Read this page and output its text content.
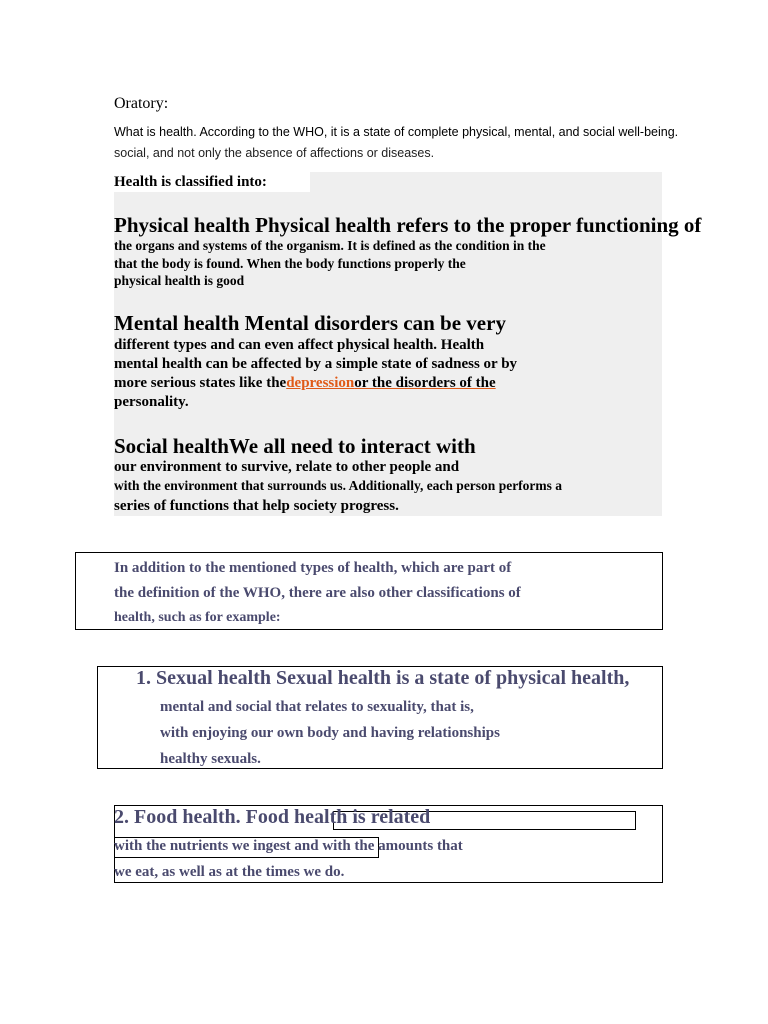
Oratory:
What is health. According to the WHO, it is a state of complete physical, mental, and social well-being.
social, and not only the absence of affections or diseases.
Health is classified into:
Physical health Physical health refers to the proper functioning of
the organs and systems of the organism. It is defined as the condition in the
that the body is found. When the body functions properly the
physical health is good
Mental health Mental disorders can be very
different types and can even affect physical health. Health
mental health can be affected by a simple state of sadness or by
more serious states like thedepressionor the disorders of the
personality.
Social healthWe all need to interact with
our environment to survive, relate to other people and
with the environment that surrounds us. Additionally, each person performs a
series of functions that help society progress.
In addition to the mentioned types of health, which are part of
the definition of the WHO, there are also other classifications of
health, such as for example:
1. Sexual health Sexual health is a state of physical health,
mental and social that relates to sexuality, that is,
with enjoying our own body and having relationships
healthy sexuals.
2. Food health. Food health is related
with the nutrients we ingest and with the amounts that
we eat, as well as at the times we do.
